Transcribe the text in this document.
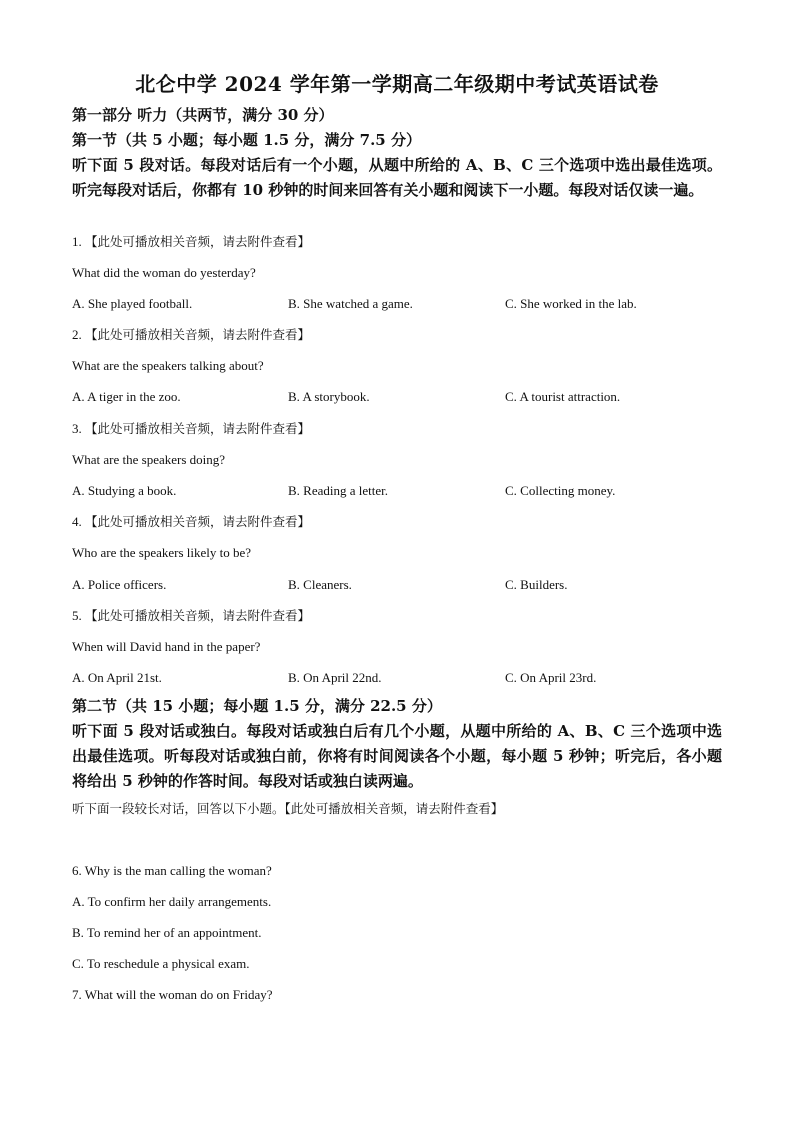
北仑中学 2024 学年第一学期高二年级期中考试英语试卷
第一部分 听力（共两节，满分 30 分）
第一节（共 5 小题；每小题 1.5 分，满分 7.5 分）
听下面 5 段对话。每段对话后有一个小题，从题中所给的 A、B、C 三个选项中选出最佳选项。听完每段对话后，你都有 10 秒钟的时间来回答有关小题和阅读下一小题。每段对话仅读一遍。
1. 【此处可播放相关音频，请去附件查看】
What did the woman do yesterday?
A. She played football.	B. She watched a game.	C. She worked in the lab.
2. 【此处可播放相关音频，请去附件查看】
What are the speakers talking about?
A. A tiger in the zoo.	B. A storybook.	C. A tourist attraction.
3. 【此处可播放相关音频，请去附件查看】
What are the speakers doing?
A. Studying a book.	B. Reading a letter.	C. Collecting money.
4. 【此处可播放相关音频，请去附件查看】
Who are the speakers likely to be?
A. Police officers.	B. Cleaners.	C. Builders.
5. 【此处可播放相关音频，请去附件查看】
When will David hand in the paper?
A. On April 21st.	B. On April 22nd.	C. On April 23rd.
第二节（共 15 小题；每小题 1.5 分，满分 22.5 分）
听下面 5 段对话或独白。每段对话或独白后有几个小题，从题中所给的 A、B、C 三个选项中选出最佳选项。听每段对话或独白前，你将有时间阅读各个小题，每小题 5 秒钟；听完后，各小题将给出 5 秒钟的作答时间。每段对话或独白读两遍。
听下面一段较长对话，回答以下小题。【此处可播放相关音频，请去附件查看】
6. Why is the man calling the woman?
A. To confirm her daily arrangements.
B. To remind her of an appointment.
C. To reschedule a physical exam.
7. What will the woman do on Friday?
